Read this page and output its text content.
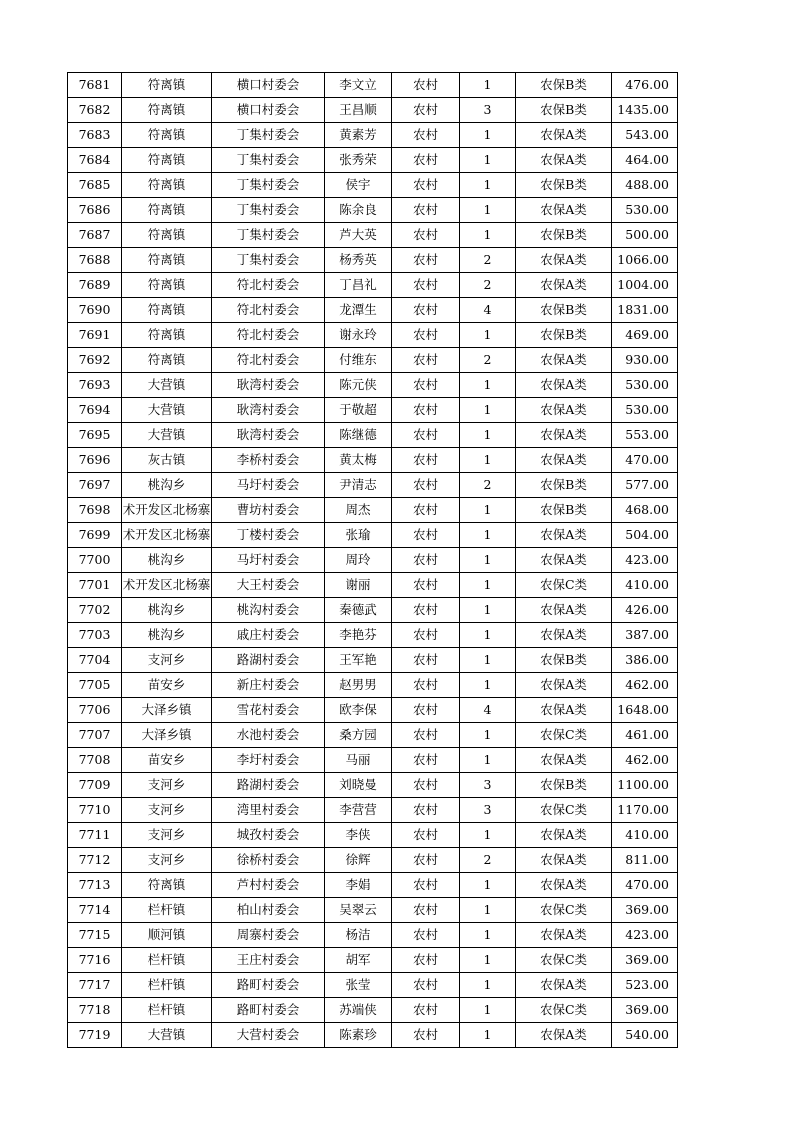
7681	符离镇	横口村委会	李文立	农村	1	农保B类	476.00
7682	符离镇	横口村委会	王昌顺	农村	3	农保B类	1435.00
7683	符离镇	丁集村委会	黄素芳	农村	1	农保A类	543.00
7684	符离镇	丁集村委会	张秀荣	农村	1	农保A类	464.00
7685	符离镇	丁集村委会	侯宇	农村	1	农保B类	488.00
7686	符离镇	丁集村委会	陈余良	农村	1	农保A类	530.00
7687	符离镇	丁集村委会	芦大英	农村	1	农保B类	500.00
7688	符离镇	丁集村委会	杨秀英	农村	2	农保A类	1066.00
7689	符离镇	符北村委会	丁昌礼	农村	2	农保A类	1004.00
7690	符离镇	符北村委会	龙潭生	农村	4	农保B类	1831.00
7691	符离镇	符北村委会	谢永玲	农村	1	农保B类	469.00
7692	符离镇	符北村委会	付维东	农村	2	农保A类	930.00
7693	大营镇	耿湾村委会	陈元侠	农村	1	农保A类	530.00
7694	大营镇	耿湾村委会	于敬超	农村	1	农保A类	530.00
7695	大营镇	耿湾村委会	陈继德	农村	1	农保A类	553.00
7696	灰古镇	李桥村委会	黄太梅	农村	1	农保A类	470.00
7697	桃沟乡	马圩村委会	尹清志	农村	2	农保B类	577.00
7698	术开发区北杨寨	曹坊村委会	周杰	农村	1	农保B类	468.00
7699	术开发区北杨寨	丁楼村委会	张瑜	农村	1	农保A类	504.00
7700	桃沟乡	马圩村委会	周玲	农村	1	农保A类	423.00
7701	术开发区北杨寨	大王村委会	谢丽	农村	1	农保C类	410.00
7702	桃沟乡	桃沟村委会	秦德武	农村	1	农保A类	426.00
7703	桃沟乡	戚庄村委会	李艳芬	农村	1	农保A类	387.00
7704	支河乡	路湖村委会	王军艳	农村	1	农保B类	386.00
7705	苗安乡	新庄村委会	赵男男	农村	1	农保A类	462.00
7706	大泽乡镇	雪花村委会	欧李保	农村	4	农保A类	1648.00
7707	大泽乡镇	水池村委会	桑方园	农村	1	农保C类	461.00
7708	苗安乡	李圩村委会	马丽	农村	1	农保A类	462.00
7709	支河乡	路湖村委会	刘晓曼	农村	3	农保B类	1100.00
7710	支河乡	湾里村委会	李营营	农村	3	农保C类	1170.00
7711	支河乡	城孜村委会	李侠	农村	1	农保A类	410.00
7712	支河乡	徐桥村委会	徐辉	农村	2	农保A类	811.00
7713	符离镇	芦村村委会	李娟	农村	1	农保A类	470.00
7714	栏杆镇	柏山村委会	吴翠云	农村	1	农保C类	369.00
7715	顺河镇	周寨村委会	杨洁	农村	1	农保A类	423.00
7716	栏杆镇	王庄村委会	胡军	农村	1	农保C类	369.00
7717	栏杆镇	路町村委会	张莹	农村	1	农保A类	523.00
7718	栏杆镇	路町村委会	苏端侠	农村	1	农保C类	369.00
7719	大营镇	大营村委会	陈素珍	农村	1	农保A类	540.00
